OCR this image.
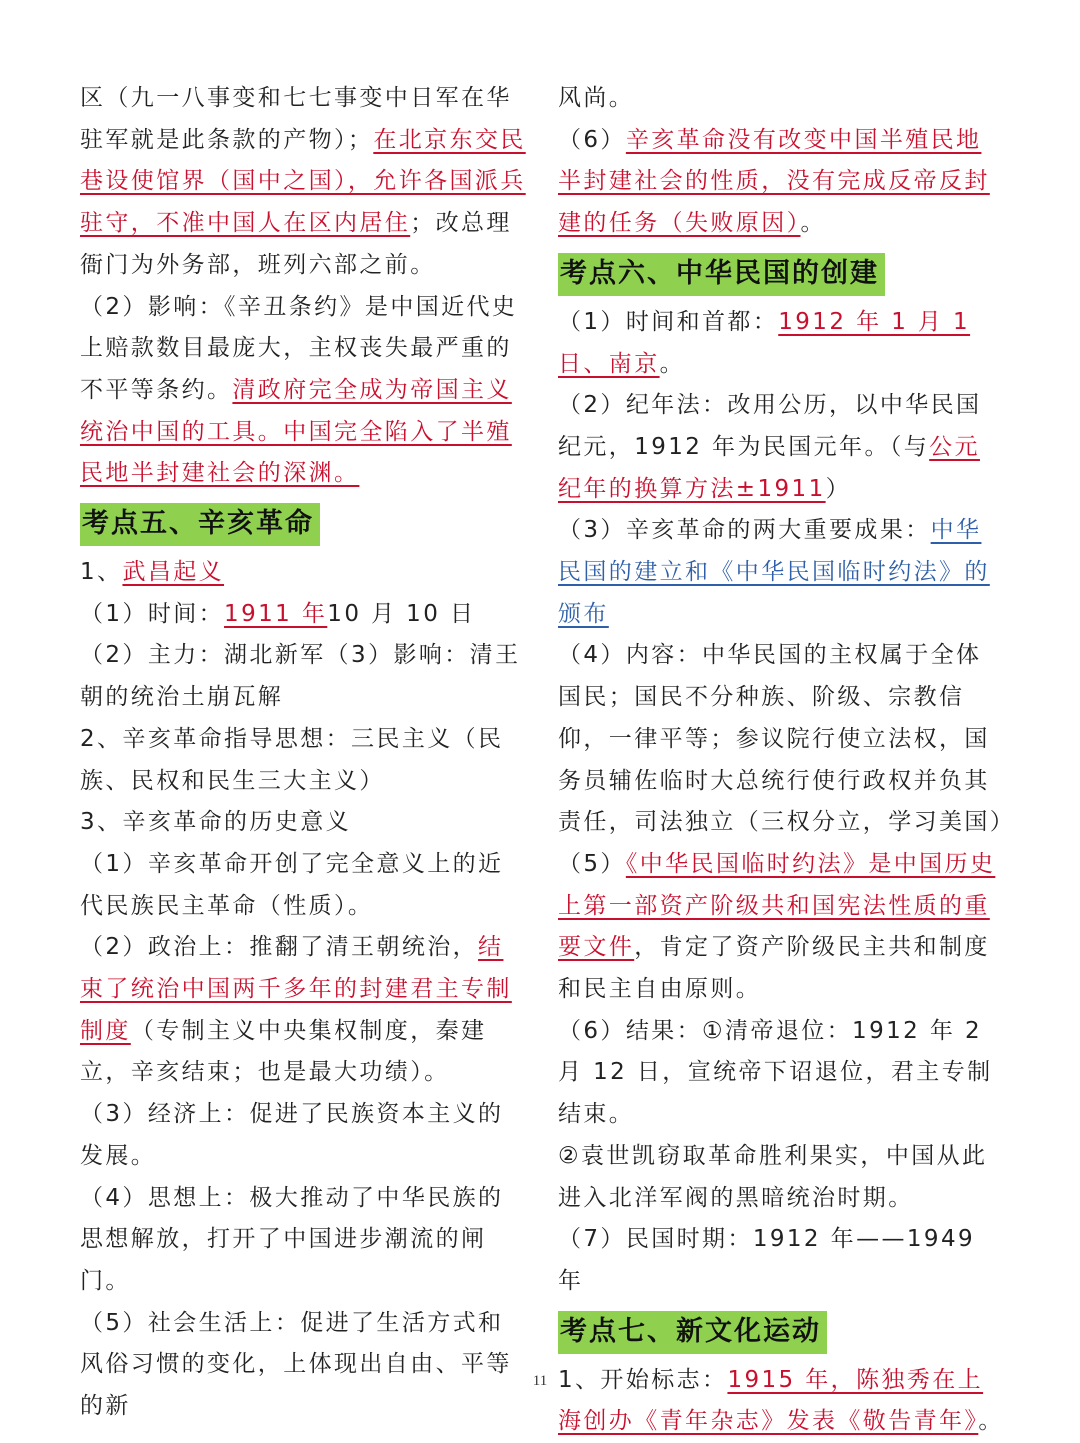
区（九一八事变和七七事变中日军在华驻军就是此条款的产物）；在北京东交民巷设使馆界（国中之国），允许各国派兵驻守，不准中国人在区内居住；改总理衙门为外务部，班列六部之前。

（2）影响：《辛丑条约》是中国近代史上赔款数目最庞大，主权丧失最严重的不平等条约。清政府完全成为帝国主义统治中国的工具。中国完全陷入了半殖民地半封建社会的深渊。

考点五、辛亥革命

1、武昌起义

（1）时间：1911 年10 月 10 日（2）主力：湖北新军（3）影响：清王朝的统治土崩瓦解

2、辛亥革命指导思想：三民主义（民族、民权和民生三大主义）

3、辛亥革命的历史意义

（1）辛亥革命开创了完全意义上的近代民族民主革命（性质）。

（2）政治上：推翻了清王朝统治，结束了统治中国两千多年的封建君主专制制度（专制主义中央集权制度，秦建立，辛亥结束；也是最大功绩）。

（3）经济上：促进了民族资本主义的发展。

（4）思想上：极大推动了中华民族的思想解放，打开了中国进步潮流的闸门。

（5）社会生活上：促进了生活方式和风俗习惯的变化，上体现出自由、平等的新

风尚。

（6）辛亥革命没有改变中国半殖民地半封建社会的性质，没有完成反帝反封建的任务（失败原因）。

考点六、中华民国的创建

（1）时间和首都：1912 年 1 月 1 日、南京。

（2）纪年法：改用公历，以中华民国纪元，1912 年为民国元年。（与公元纪年的换算方法±1911）

（3）辛亥革命的两大重要成果：中华民国的建立和《中华民国临时约法》的颁布

（4）内容：中华民国的主权属于全体国民；国民不分种族、阶级、宗教信仰，一律平等；参议院行使立法权，国务员辅佐临时大总统行使行政权并负其责任，司法独立（三权分立，学习美国）

（5）《中华民国临时约法》是中国历史上第一部资产阶级共和国宪法性质的重要文件，肯定了资产阶级民主共和制度和民主自由原则。

（6）结果：①清帝退位：1912 年 2 月 12 日，宣统帝下诏退位，君主专制结束。

②袁世凯窃取革命胜利果实，中国从此进入北洋军阀的黑暗统治时期。

（7）民国时期：1912 年——1949 年

考点七、新文化运动

1、开始标志：1915 年，陈独秀在上海创办《青年杂志》发表《敬告青年》。

11
